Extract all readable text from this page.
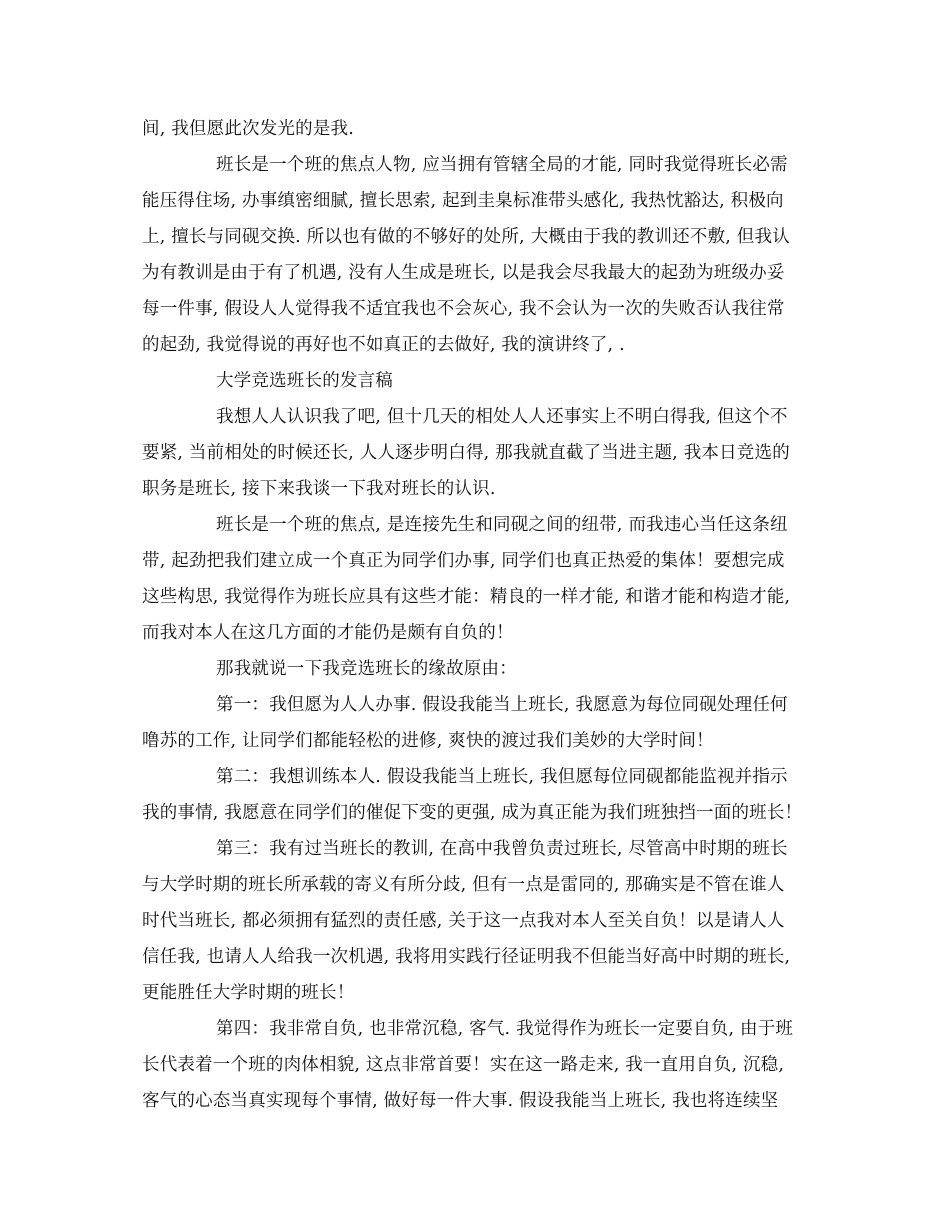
间, 我但愿此次发光的是我.
班长是一个班的焦点人物, 应当拥有管辖全局的才能, 同时我觉得班长必需
能压得住场, 办事缜密细腻, 擅长思索, 起到圭臬标准带头感化, 我热忱豁达, 积极向
上, 擅长与同砚交换. 所以也有做的不够好的处所, 大概由于我的教训还不敷, 但我认
为有教训是由于有了机遇, 没有人生成是班长, 以是我会尽我最大的起劲为班级办妥
每一件事, 假设人人觉得我不适宜我也不会灰心, 我不会认为一次的失败否认我往常
的起劲, 我觉得说的再好也不如真正的去做好, 我的演讲终了, .
大学竞选班长的发言稿
我想人人认识我了吧, 但十几天的相处人人还事实上不明白得我, 但这个不
要紧, 当前相处的时候还长, 人人逐步明白得, 那我就直截了当进主题, 我本日竞选的
职务是班长, 接下来我谈一下我对班长的认识.
班长是一个班的焦点, 是连接先生和同砚之间的纽带, 而我违心当任这条纽
带, 起劲把我们建立成一个真正为同学们办事, 同学们也真正热爱的集体！要想完成
这些构思, 我觉得作为班长应具有这些才能：精良的一样才能, 和谐才能和构造才能,
而我对本人在这几方面的才能仍是颇有自负的！
那我就说一下我竞选班长的缘故原由：
第一：我但愿为人人办事. 假设我能当上班长, 我愿意为每位同砚处理任何
噜苏的工作, 让同学们都能轻松的进修, 爽快的渡过我们美妙的大学时间！
第二：我想训练本人. 假设我能当上班长, 我但愿每位同砚都能监视并指示
我的事情, 我愿意在同学们的催促下变的更强, 成为真正能为我们班独挡一面的班长！
第三：我有过当班长的教训, 在高中我曾负责过班长, 尽管高中时期的班长
与大学时期的班长所承载的寄义有所分歧, 但有一点是雷同的, 那确实是不管在谁人
时代当班长, 都必须拥有猛烈的责任感, 关于这一点我对本人至关自负！以是请人人
信任我, 也请人人给我一次机遇, 我将用实践行径证明我不但能当好高中时期的班长,
更能胜任大学时期的班长！
第四：我非常自负, 也非常沉稳, 客气. 我觉得作为班长一定要自负, 由于班
长代表着一个班的肉体相貌, 这点非常首要！实在这一路走来, 我一直用自负, 沉稳,
客气的心态当真实现每个事情, 做好每一件大事. 假设我能当上班长, 我也将连续坚
